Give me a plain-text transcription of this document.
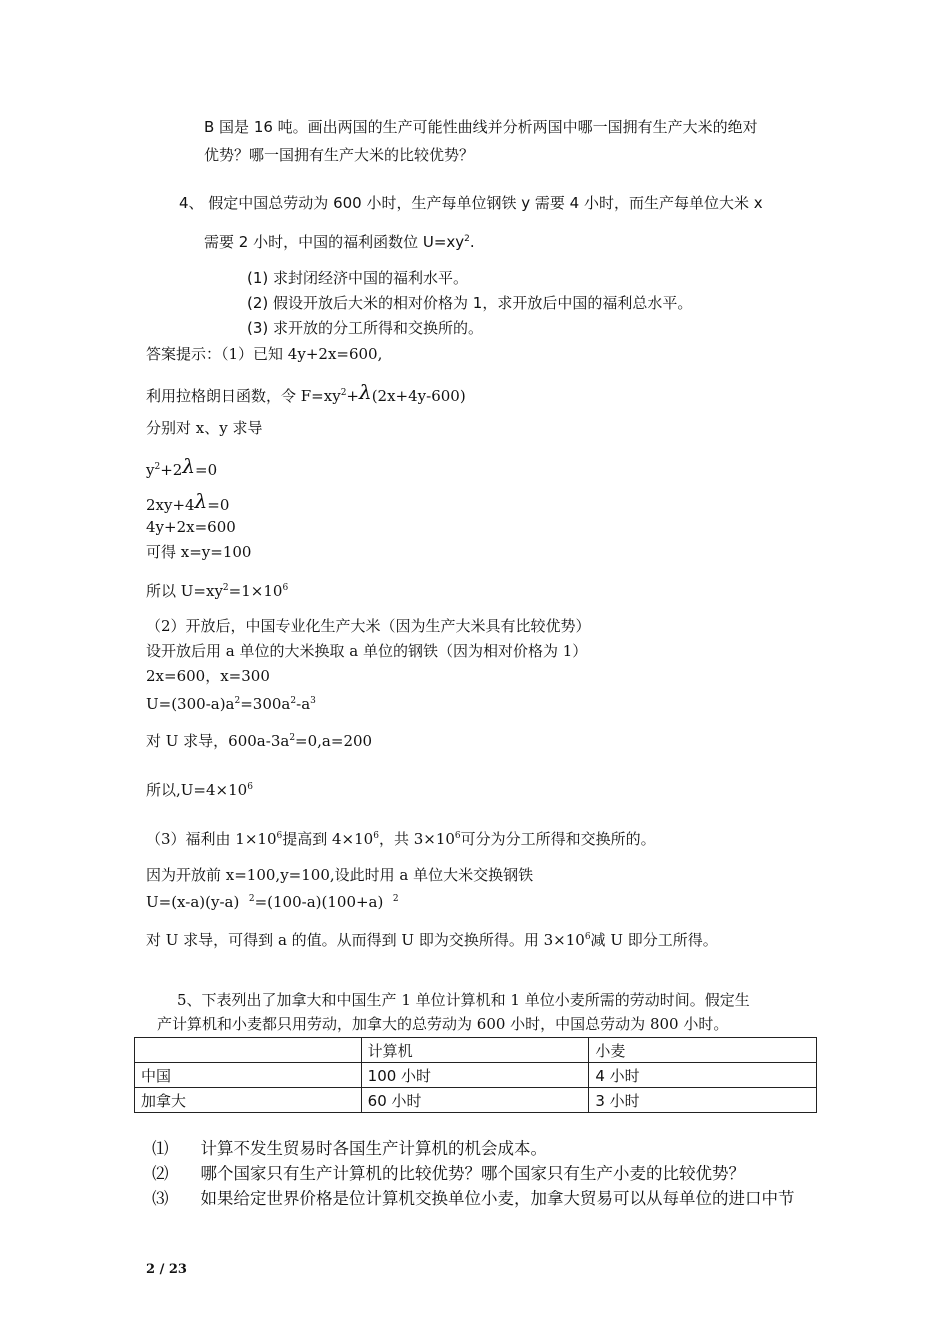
B 国是 16 吨。画出两国的生产可能性曲线并分析两国中哪一国拥有生产大米的绝对
优势？哪一国拥有生产大米的比较优势？
4、 假定中国总劳动为 600 小时，生产每单位钢铁 y 需要 4 小时，而生产每单位大米 x
需要 2 小时，中国的福利函数位 $U=xy^2$.
(1) 求封闭经济中国的福利水平。
(2) 假设开放后大米的相对价格为 1，求开放后中国的福利总水平。
(3) 求开放的分工所得和交换所的。
答案提示：（1）已知 4y+2x=600,
利用拉格朗日函数，令 $F=xy^2+\lambda(2x+4y-600)$
分别对 x、y 求导
$y^2+2\lambda=0$
2xy+4λ=0
4y+2x=600
可得 x=y=100
所以 $U=xy^2=1\times 10^6$
（2）开放后，中国专业化生产大米（因为生产大米具有比较优势）
设开放后用 a 单位的大米换取 a 单位的钢铁（因为相对价格为 1）
2x=600，x=300
$U=(300-a)a^2=300a^2-a^3$
对 U 求导，$600a-3a^2=0,a=200$
所以$,U=4\times 10^6$
（3）福利由 $1\times 10^6$提高到 $4\times 10^6$，共 $3\times 10^6$可分为分工所得和交换所的。
因为开放前 x=100,y=100,设此时用 a 单位大米交换钢铁
U=(x-a)(y-a) $^2$=(100-a)(100+a) $^2$
对 U 求导，可得到 a 的值。从而得到 U 即为交换所得。用 $3\times 10^6$减 U 即分工所得。
5、下表列出了加拿大和中国生产 1 单位计算机和 1 单位小麦所需的劳动时间。假定生
产计算机和小麦都只用劳动，加拿大的总劳动为 600 小时，中国总劳动为 800 小时。
	计算机	小麦
中国	100 小时	4 小时
加拿大	60 小时	3 小时
⑴ 计算不发生贸易时各国生产计算机的机会成本。
⑵ 哪个国家只有生产计算机的比较优势？哪个国家只有生产小麦的比较优势？
⑶ 如果给定世界价格是位计算机交换单位小麦，加拿大贸易可以从每单位的进口中节
2 / 23
